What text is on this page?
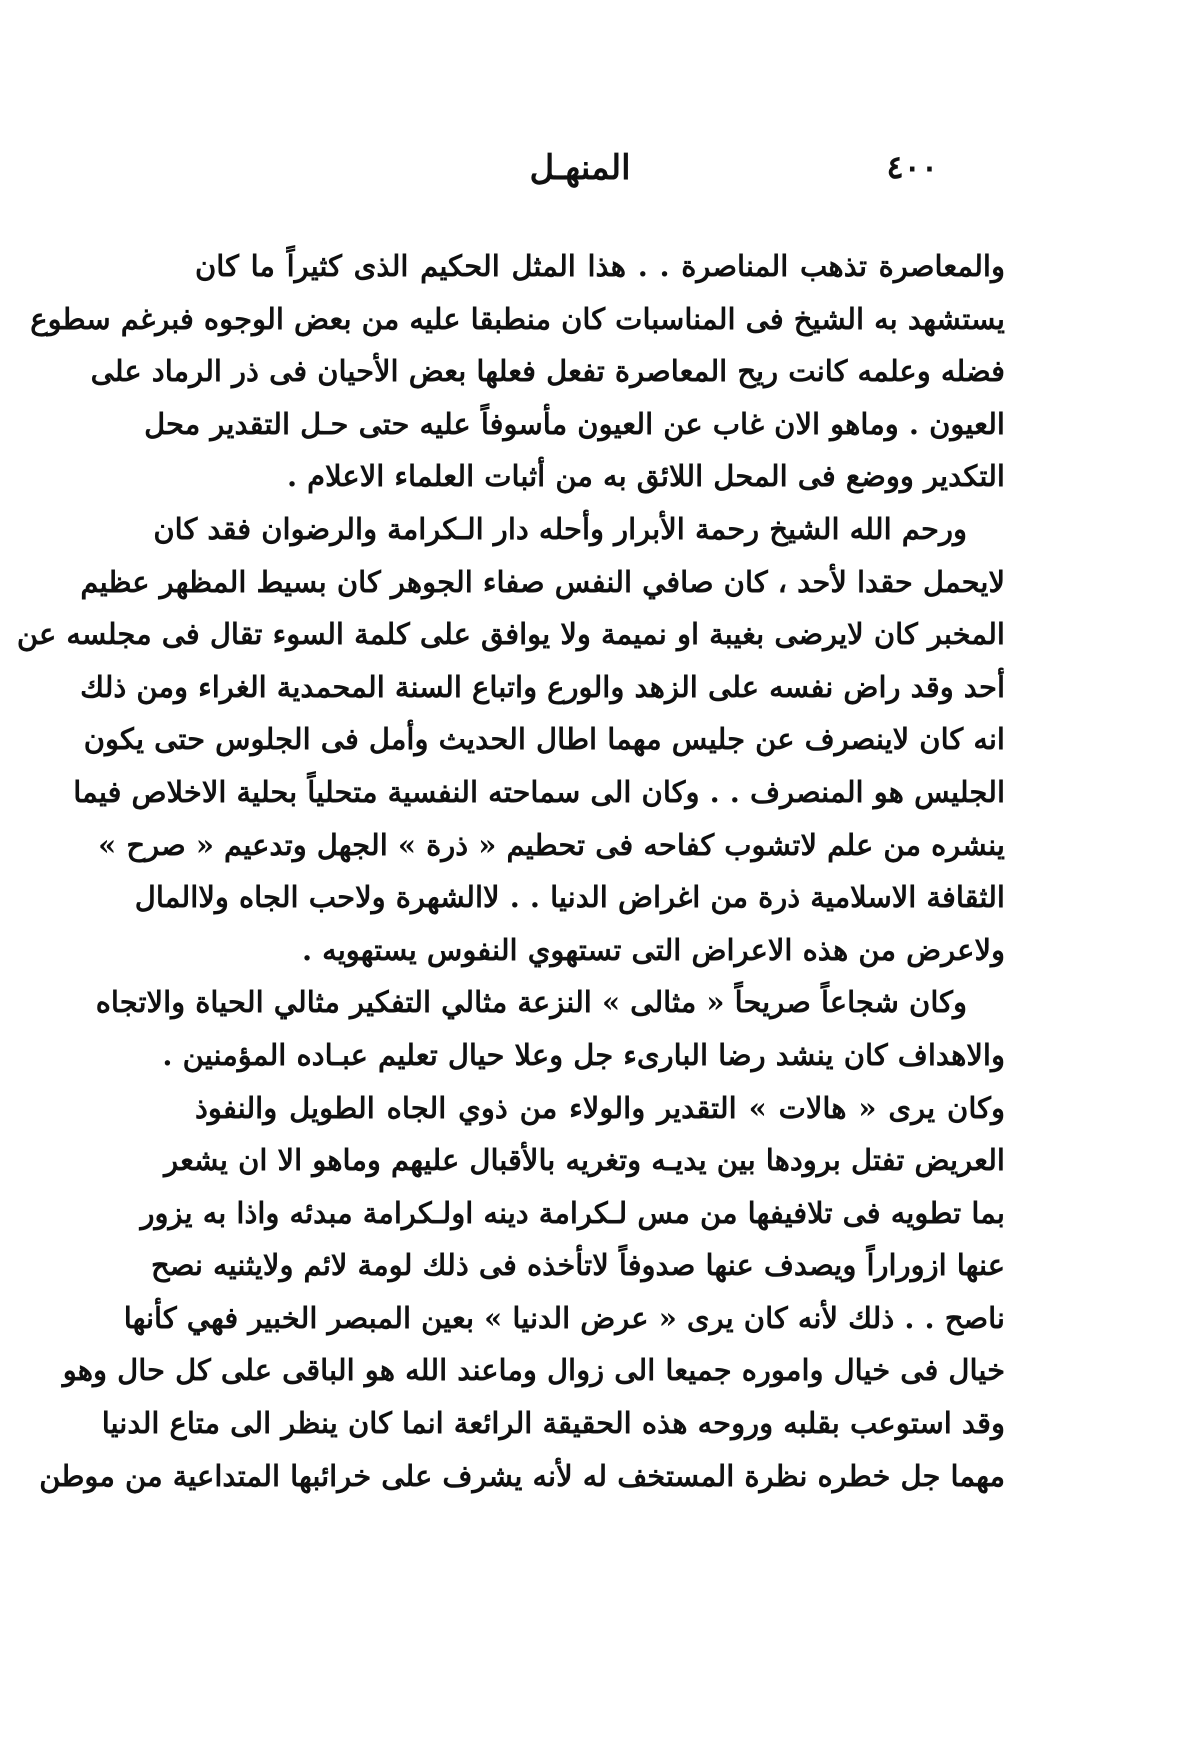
المنهـل	٤٠٠
والمعاصرة تذهب المناصرة . . هذا المثل الحكيم الذى كثيراً ما كان
يستشهد به الشيخ فى المناسبات كان منطبقا عليه من بعض الوجوه فبرغم سطوع
فضله وعلمه كانت ريح المعاصرة تفعل فعلها بعض الأحيان فى ذر الرماد على
العيون . وماهو الان غاب عن العيون مأسوفاً عليه حتى حـل التقدير محل
التكدير ووضع فى المحل اللائق به من أثبات العلماء الاعلام .
ورحم الله الشيخ رحمة الأبرار وأحله دار الـكرامة والرضوان فقد كان
لايحمل حقدا لأحد ، كان صافي النفس صفاء الجوهر كان بسيط المظهر عظيم
المخبر كان لايرضى بغيبة او نميمة ولا يوافق على كلمة السوء تقال فى مجلسه عن
أحد وقد راض نفسه على الزهد والورع واتباع السنة المحمدية الغراء ومن ذلك
انه كان لاينصرف عن جليس مهما اطال الحديث وأمل فى الجلوس حتى يكون
الجليس هو المنصرف . . وكان الى سماحته النفسية متحلياً بحلية الاخلاص فيما
ينشره من علم لاتشوب كفاحه فى تحطيم « ذرة » الجهل وتدعيم « صرح »
الثقافة الاسلامية ذرة من اغراض الدنيا . . لاالشهرة ولاحب الجاه ولاالمال
ولاعرض من هذه الاعراض التى تستهوي النفوس يستهويه .
وكان شجاعاً صريحاً « مثالى » النزعة مثالي التفكير مثالي الحياة والاتجاه
والاهداف كان ينشد رضا البارىء جل وعلا حيال تعليم عبـاده المؤمنين .
وكان يرى « هالات » التقدير والولاء من ذوي الجاه الطويل والنفوذ
العريض تفتل برودها بين يديـه وتغريه بالأقبال عليهم وماهو الا ان يشعر
بما تطويه فى تلافيفها من مس لـكرامة دينه اولـكرامة مبدئه واذا به يزور
عنها ازوراراً ويصدف عنها صدوفاً لاتأخذه فى ذلك لومة لائم ولايثنيه نصح
ناصح . . ذلك لأنه كان يرى « عرض الدنيا » بعين المبصر الخبير فهي كأنها
خيال فى خيال واموره جميعا الى زوال وماعند الله هو الباقى على كل حال وهو
وقد استوعب بقلبه وروحه هذه الحقيقة الرائعة انما كان ينظر الى متاع الدنيا
مهما جل خطره نظرة المستخف له لأنه يشرف على خرائبها المتداعية من موطن
